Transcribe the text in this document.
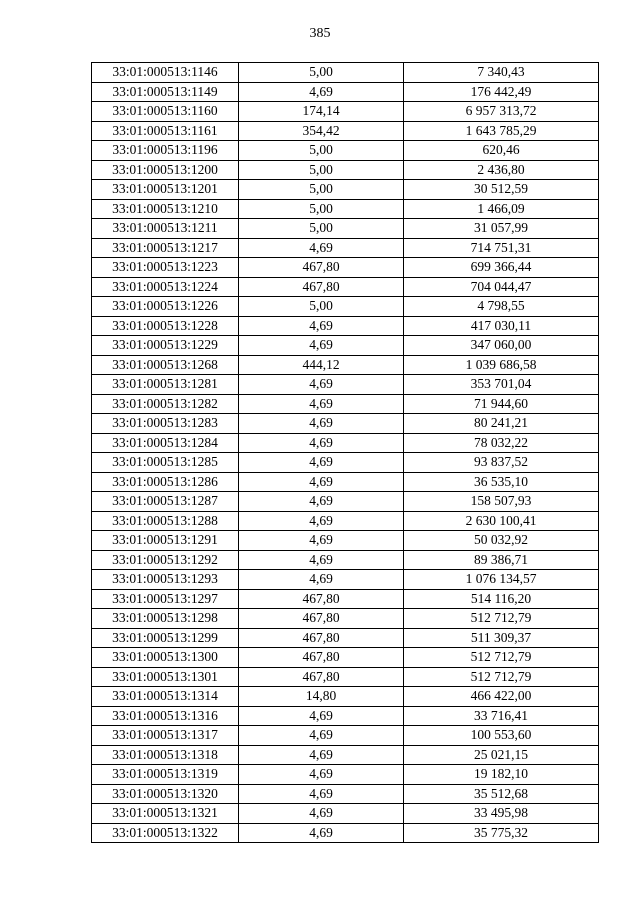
385
33:01:000513:1146	5,00	7 340,43
33:01:000513:1149	4,69	176 442,49
33:01:000513:1160	174,14	6 957 313,72
33:01:000513:1161	354,42	1 643 785,29
33:01:000513:1196	5,00	620,46
33:01:000513:1200	5,00	2 436,80
33:01:000513:1201	5,00	30 512,59
33:01:000513:1210	5,00	1 466,09
33:01:000513:1211	5,00	31 057,99
33:01:000513:1217	4,69	714 751,31
33:01:000513:1223	467,80	699 366,44
33:01:000513:1224	467,80	704 044,47
33:01:000513:1226	5,00	4 798,55
33:01:000513:1228	4,69	417 030,11
33:01:000513:1229	4,69	347 060,00
33:01:000513:1268	444,12	1 039 686,58
33:01:000513:1281	4,69	353 701,04
33:01:000513:1282	4,69	71 944,60
33:01:000513:1283	4,69	80 241,21
33:01:000513:1284	4,69	78 032,22
33:01:000513:1285	4,69	93 837,52
33:01:000513:1286	4,69	36 535,10
33:01:000513:1287	4,69	158 507,93
33:01:000513:1288	4,69	2 630 100,41
33:01:000513:1291	4,69	50 032,92
33:01:000513:1292	4,69	89 386,71
33:01:000513:1293	4,69	1 076 134,57
33:01:000513:1297	467,80	514 116,20
33:01:000513:1298	467,80	512 712,79
33:01:000513:1299	467,80	511 309,37
33:01:000513:1300	467,80	512 712,79
33:01:000513:1301	467,80	512 712,79
33:01:000513:1314	14,80	466 422,00
33:01:000513:1316	4,69	33 716,41
33:01:000513:1317	4,69	100 553,60
33:01:000513:1318	4,69	25 021,15
33:01:000513:1319	4,69	19 182,10
33:01:000513:1320	4,69	35 512,68
33:01:000513:1321	4,69	33 495,98
33:01:000513:1322	4,69	35 775,32
